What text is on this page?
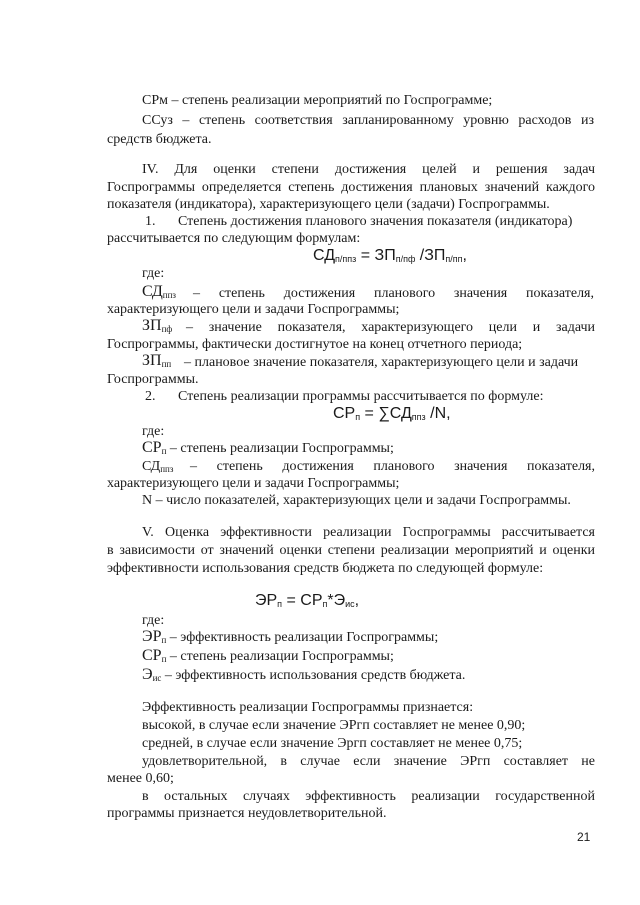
СРм – степень реализации мероприятий по Госпрограмме;
ССуз – степень соответствия запланированному уровню расходов из
средств бюджета.
IV. Для оценки степени достижения целей и решения задач
Госпрограммы определяется степень достижения плановых значений каждого
показателя (индикатора), характеризующего цели (задачи) Госпрограммы.
1. Степень достижения планового значения показателя (индикатора)
рассчитывается по следующим формулам:
$СД_{п/ппз} = ЗП_{п/пф}$ $/ЗП_{п/пп}$,
где:
$СД_{ппз}$ – степень достижения планового значения показателя,
характеризующего цели и задачи Госпрограммы;
$ЗП_{пф}$ – значение показателя, характеризующего цели и задачи
Госпрограммы, фактически достигнутое на конец отчетного периода;
$ЗП_{пп}$ – плановое значение показателя, характеризующего цели и задачи
Госпрограммы.
2. Степень реализации программы рассчитывается по формуле:
$СР_п = \sum СД_{ппз}$ /N,
где:
$СР_п$ – степень реализации Госпрограммы;
$СД_{ппз}$ – степень достижения планового значения показателя,
характеризующего цели и задачи Госпрограммы;
N – число показателей, характеризующих цели и задачи Госпрограммы.
V. Оценка эффективности реализации Госпрограммы рассчитывается
в зависимости от значений оценки степени реализации мероприятий и оценки
эффективности использования средств бюджета по следующей формуле:
$ЭР_п = СР_п*Э_{ис}$,
где:
$ЭР_п$ – эффективность реализации Госпрограммы;
$СР_п$ – степень реализации Госпрограммы;
$Э_{ис}$ – эффективность использования средств бюджета.
Эффективность реализации Госпрограммы признается:
высокой, в случае если значение ЭРгп составляет не менее 0,90;
средней, в случае если значение Эргп составляет не менее 0,75;
удовлетворительной, в случае если значение ЭРгп составляет не
менее 0,60;
в остальных случаях эффективность реализации государственной
программы признается неудовлетворительной.
21
